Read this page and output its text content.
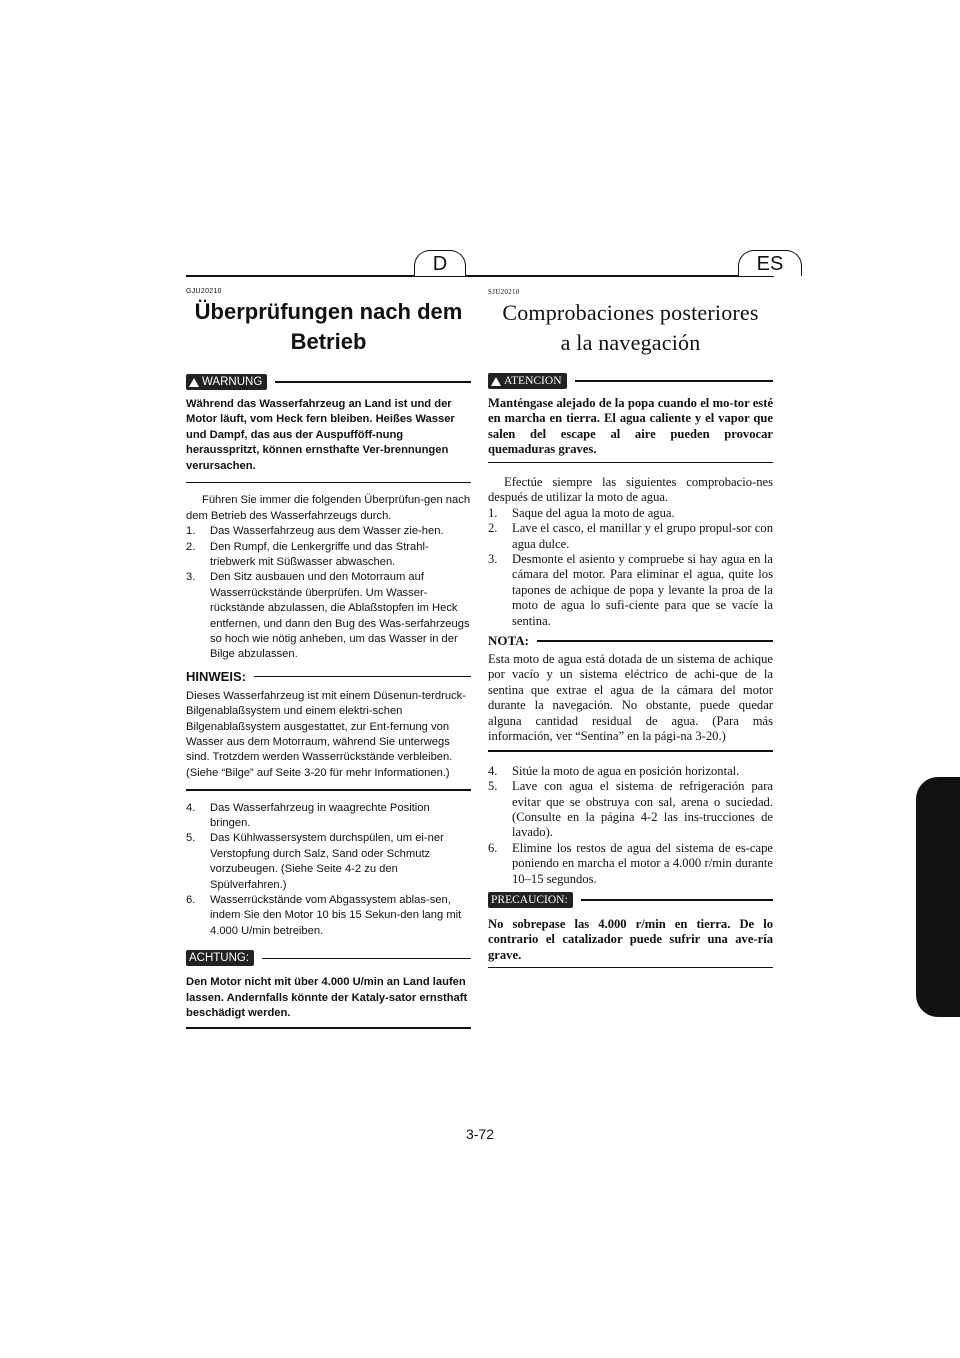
D	ES
GJU20210
Überprüfungen nach dem
Betrieb
WARNUNG
Während das Wasserfahrzeug an Land ist und der Motor läuft, vom Heck fern bleiben. Heißes Wasser und Dampf, das aus der Auspufföff-nung herausspritzt, können ernsthafte Ver-brennungen verursachen.
Führen Sie immer die folgenden Überprüfun-gen nach dem Betrieb des Wasserfahrzeugs durch.
1.	Das Wasserfahrzeug aus dem Wasser zie-hen.
2.	Den Rumpf, die Lenkergriffe und das Strahl-triebwerk mit Süßwasser abwaschen.
3.	Den Sitz ausbauen und den Motorraum auf Wasserrückstände überprüfen. Um Wasser-rückstände abzulassen, die Ablaßstopfen im Heck entfernen, und dann den Bug des Was-serfahrzeugs so hoch wie nötig anheben, um das Wasser in der Bilge abzulassen.
HINWEIS:
Dieses Wasserfahrzeug ist mit einem Düsenun-terdruck-Bilgenablaßsystem und einem elektri-schen Bilgenablaßsystem ausgestattet, zur Ent-fernung von Wasser aus dem Motorraum, während Sie unterwegs sind. Trotzdem werden Wasserrückstände verbleiben. (Siehe “Bilge” auf Seite 3-20 für mehr Informationen.)
4.	Das Wasserfahrzeug in waagrechte Position bringen.
5.	Das Kühlwassersystem durchspülen, um ei-ner Verstopfung durch Salz, Sand oder Schmutz vorzubeugen. (Siehe Seite 4-2 zu den Spülverfahren.)
6.	Wasserrückstände vom Abgassystem ablas-sen, indem Sie den Motor 10 bis 15 Sekun-den lang mit 4.000 U/min betreiben.
ACHTUNG:
Den Motor nicht mit über 4.000 U/min an Land laufen lassen. Andernfalls könnte der Kataly-sator ernsthaft beschädigt werden.
SJU20210
Comprobaciones posteriores
a la navegación
ATENCION
Manténgase alejado de la popa cuando el mo-tor esté en marcha en tierra. El agua caliente y el vapor que salen del escape al aire pueden provocar quemaduras graves.
Efectúe siempre las siguientes comprobacio-nes después de utilizar la moto de agua.
1.	Saque del agua la moto de agua.
2.	Lave el casco, el manillar y el grupo propul-sor con agua dulce.
3.	Desmonte el asiento y compruebe si hay agua en la cámara del motor. Para eliminar el agua, quite los tapones de achique de popa y levante la proa de la moto de agua lo sufi-ciente para que se vacíe la sentina.
NOTA:
Esta moto de agua está dotada de un sistema de achique por vacío y un sistema eléctrico de achi-que de la sentina que extrae el agua de la cámara del motor durante la navegación. No obstante, puede quedar alguna cantidad residual de agua. (Para más información, ver “Sentina” en la pági-na 3-20.)
4.	Sitúe la moto de agua en posición horizontal.
5.	Lave con agua el sistema de refrigeración para evitar que se obstruya con sal, arena o suciedad. (Consulte en la página 4-2 las ins-trucciones de lavado).
6.	Elimine los restos de agua del sistema de es-cape poniendo en marcha el motor a 4.000 r/min durante 10–15 segundos.
PRECAUCION:
No sobrepase las 4.000 r/min en tierra. De lo contrario el catalizador puede sufrir una ave-ría grave.
3-72
